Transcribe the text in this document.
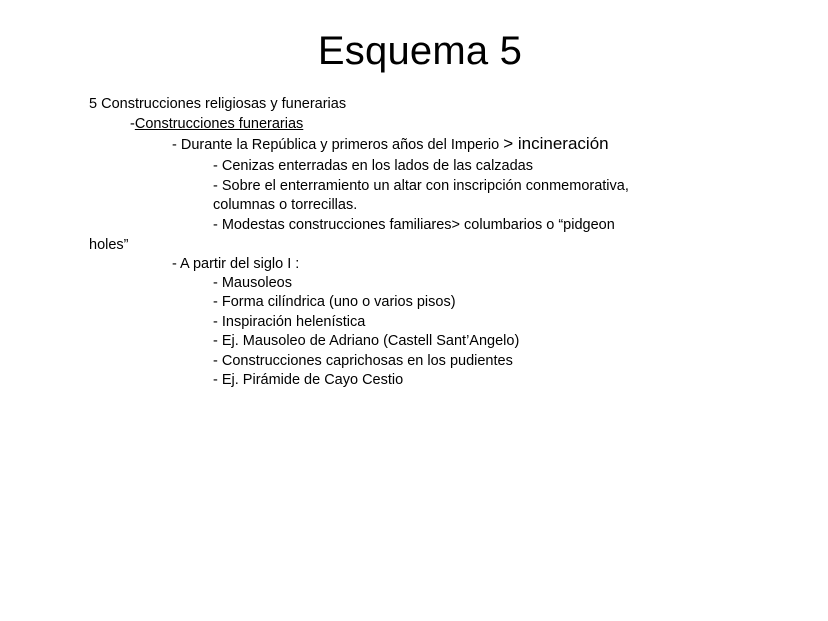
Esquema 5
5 Construcciones religiosas y funerarias
-Construcciones funerarias
- Durante la República y primeros años del Imperio > incineración
- Cenizas enterradas en los lados de las calzadas
- Sobre el enterramiento un altar con inscripción conmemorativa,
columnas o torrecillas.
- Modestas construcciones familiares> columbarios o “pidgeon
holes”
- A partir del siglo I :
- Mausoleos
- Forma cilíndrica (uno o varios pisos)
- Inspiración helenística
- Ej. Mausoleo de Adriano (Castell Sant’Angelo)
- Construcciones caprichosas en los pudientes
- Ej. Pirámide de Cayo Cestio
